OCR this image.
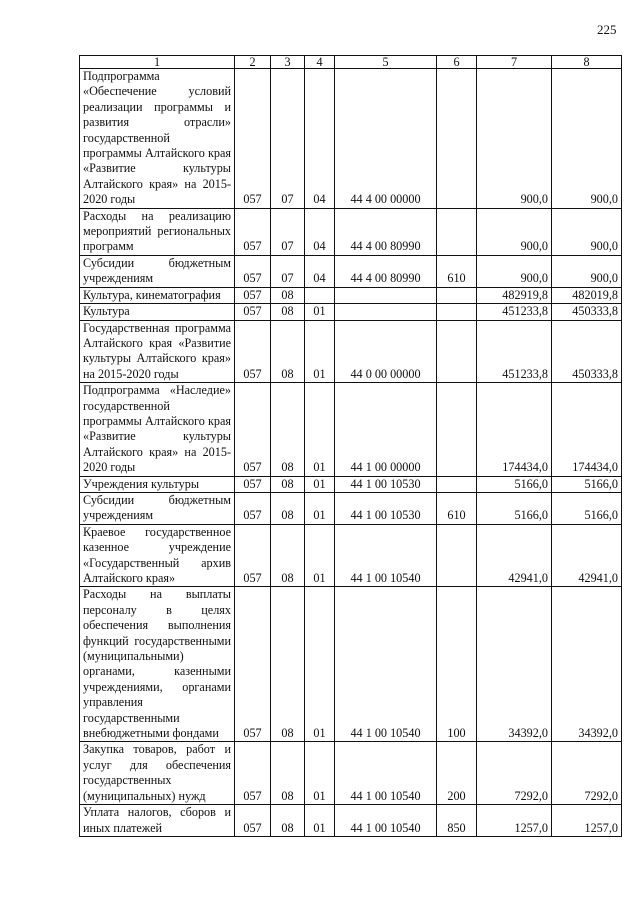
225
1	2	3	4	5	6	7	8
Подпрограмма «Обеспечение условий реализации программы и развития отрасли» государственной программы Алтайского края «Развитие культуры Алтайского края» на 2015-2020 годы	057	07	04	44 4 00 00000		900,0	900,0
Расходы на реализацию мероприятий региональных программ	057	07	04	44 4 00 80990		900,0	900,0
Субсидии бюджетным учреждениям	057	07	04	44 4 00 80990	610	900,0	900,0
Культура, кинематография	057	08				482919,8	482019,8
Культура	057	08	01			451233,8	450333,8
Государственная программа Алтайского края «Развитие культуры Алтайского края» на 2015-2020 годы	057	08	01	44 0 00 00000		451233,8	450333,8
Подпрограмма «Наследие» государственной программы Алтайского края «Развитие культуры Алтайского края» на 2015-2020 годы	057	08	01	44 1 00 00000		174434,0	174434,0
Учреждения культуры	057	08	01	44 1 00 10530		5166,0	5166,0
Субсидии бюджетным учреждениям	057	08	01	44 1 00 10530	610	5166,0	5166,0
Краевое государственное казенное учреждение «Государственный архив Алтайского края»	057	08	01	44 1 00 10540		42941,0	42941,0
Расходы на выплаты персоналу в целях обеспечения выполнения функций государственными (муниципальными) органами, казенными учреждениями, органами управления государственными внебюджетными фондами	057	08	01	44 1 00 10540	100	34392,0	34392,0
Закупка товаров, работ и услуг для обеспечения государственных (муниципальных) нужд	057	08	01	44 1 00 10540	200	7292,0	7292,0
Уплата налогов, сборов и иных платежей	057	08	01	44 1 00 10540	850	1257,0	1257,0
